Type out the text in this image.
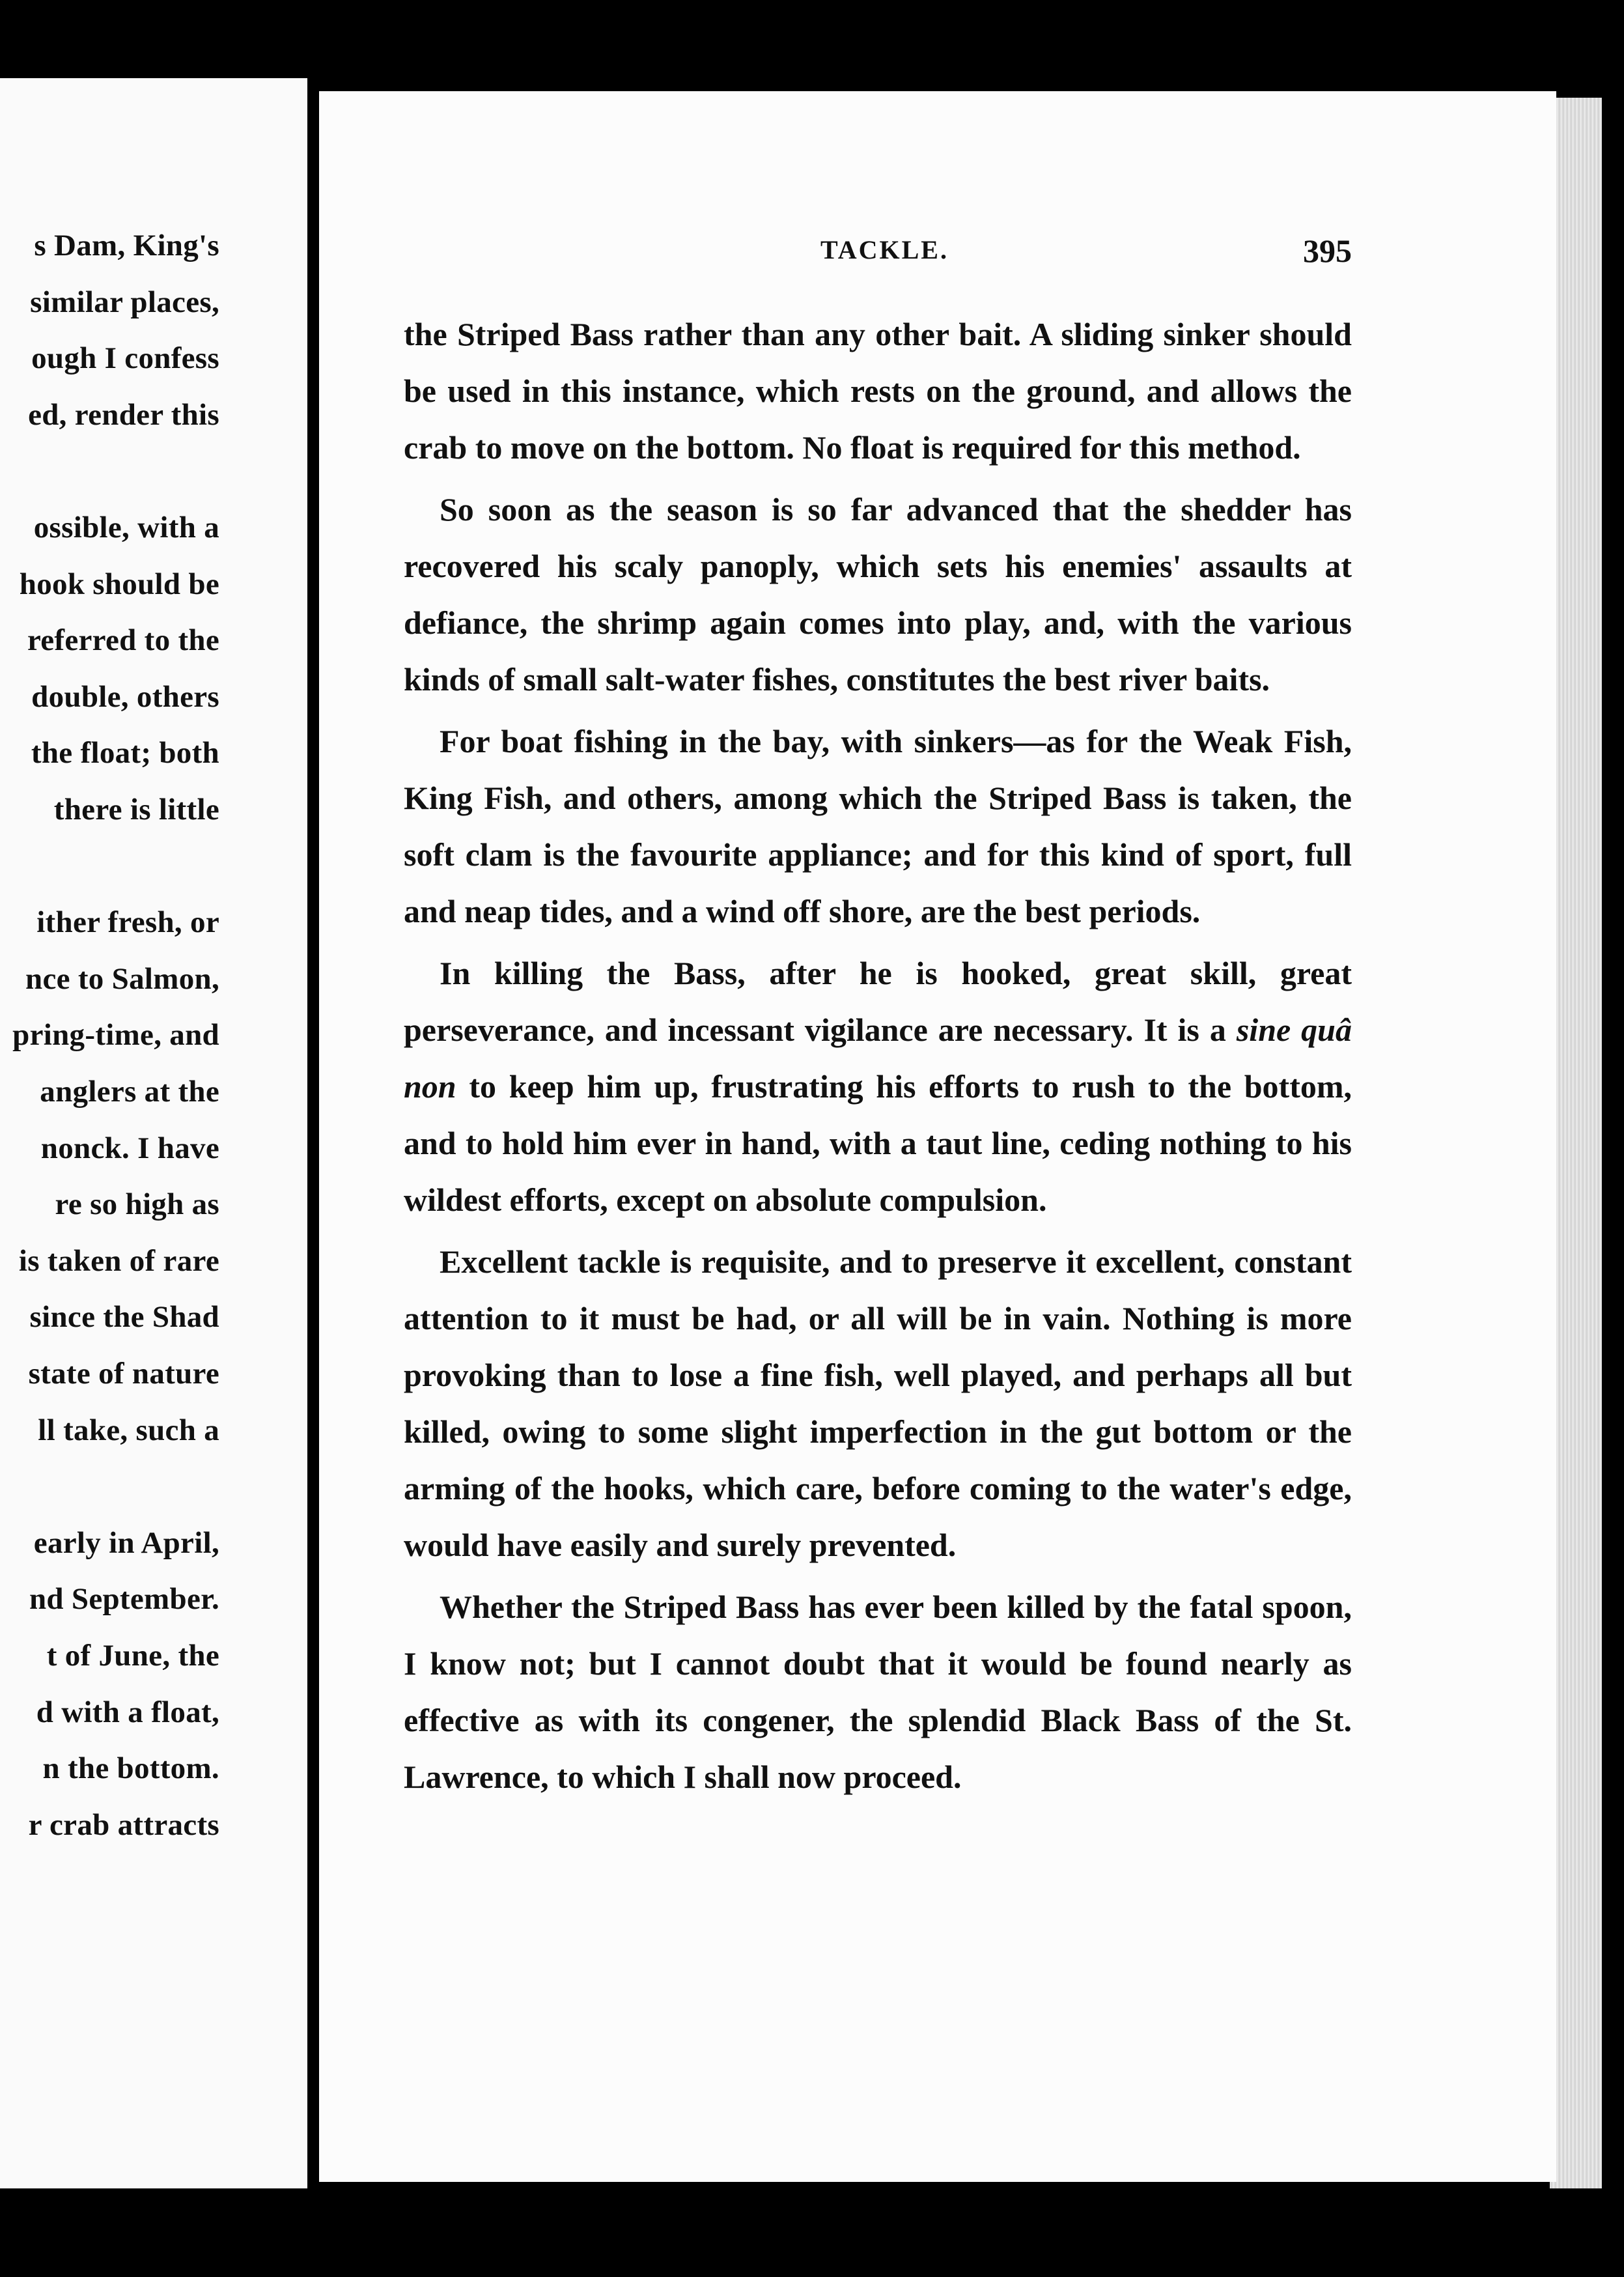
s Dam, King's
similar places,
ough I confess
ed, render this
ossible, with a
hook should be
referred to the
double, others
the float; both
there is little
ither fresh, or
nce to Salmon,
pring-time, and
anglers at the
nonck. I have
re so high as
is taken of rare
since the Shad
state of nature
ll take, such a
early in April,
nd September.
t of June, the
d with a float,
n the bottom.
r crab attracts
TACKLE.	395

the Striped Bass rather than any other bait. A sliding sinker should be used in this instance, which rests on the ground, and allows the crab to move on the bottom. No float is required for this method.

So soon as the season is so far advanced that the shedder has recovered his scaly panoply, which sets his enemies' assaults at defiance, the shrimp again comes into play, and, with the various kinds of small salt-water fishes, constitutes the best river baits.

For boat fishing in the bay, with sinkers—as for the Weak Fish, King Fish, and others, among which the Striped Bass is taken, the soft clam is the favourite appliance; and for this kind of sport, full and neap tides, and a wind off shore, are the best periods.

In killing the Bass, after he is hooked, great skill, great perseverance, and incessant vigilance are necessary. It is a sine quâ non to keep him up, frustrating his efforts to rush to the bottom, and to hold him ever in hand, with a taut line, ceding nothing to his wildest efforts, except on absolute compulsion.

Excellent tackle is requisite, and to preserve it excellent, constant attention to it must be had, or all will be in vain. Nothing is more provoking than to lose a fine fish, well played, and perhaps all but killed, owing to some slight imperfection in the gut bottom or the arming of the hooks, which care, before coming to the water's edge, would have easily and surely prevented.

Whether the Striped Bass has ever been killed by the fatal spoon, I know not; but I cannot doubt that it would be found nearly as effective as with its congener, the splendid Black Bass of the St. Lawrence, to which I shall now proceed.
